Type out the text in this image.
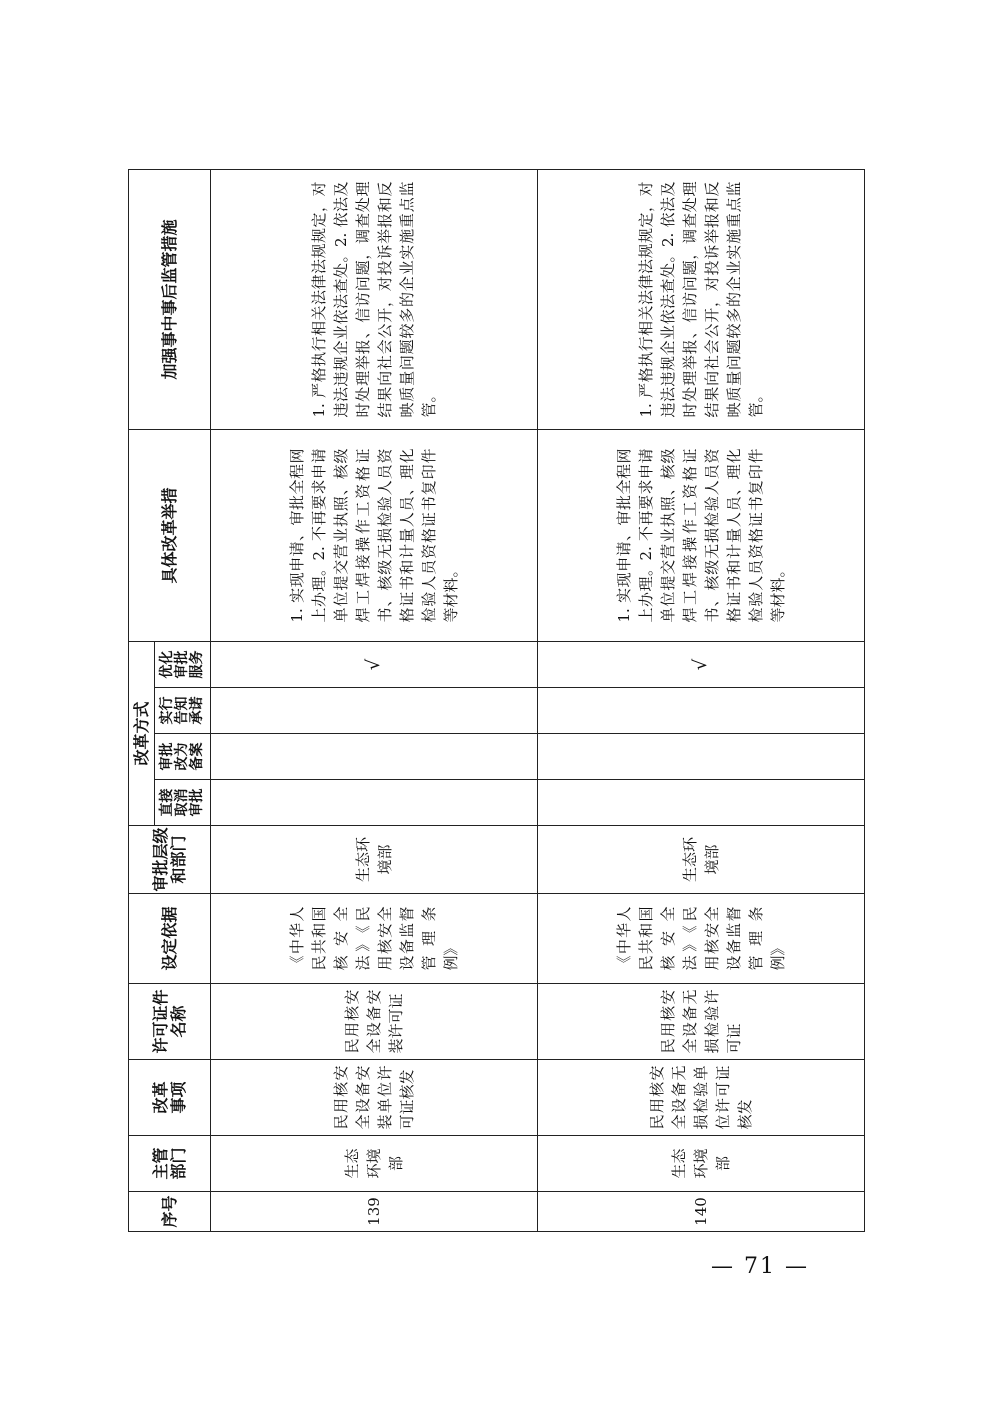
序号	主管 部门	改革 事项	许可证件 名称	设定依据	审批层级 和部门	改革方式				具体改革举措	加强事中事后监管措施

						直接 取消 审批	审批 改为 备案	实行 告知 承诺	优化 审批 服务		

139	生态环境部	民用核安全设备安装单位许可证核发	民用核安全设备安装许可证	《中华人民共和国核安全法》《民用核安全设备监督管理条例》	生态环境部				√	1. 实现申请、审批全程网上办理。2. 不再要求申请单位提交营业执照、核级焊工焊接操作工资格证书、核级无损检验人员资格证书和计量人员、理化检验人员资格证书复印件等材料。	1. 严格执行相关法律法规规定，对违法违规企业依法查处。2. 依法及时处理举报、信访问题，调查处理结果向社会公开，对投诉举报和反映质量问题较多的企业实施重点监管。

140	生态环境部	民用核安全设备无损检验单位许可证核发	民用核安全设备无损检验许可证	《中华人民共和国核安全法》《民用核安全设备监督管理条例》	生态环境部				√	1. 实现申请、审批全程网上办理。2. 不再要求申请单位提交营业执照、核级焊工焊接操作工资格证书、核级无损检验人员资格证书和计量人员、理化检验人员资格证书复印件等材料。	1. 严格执行相关法律法规规定，对违法违规企业依法查处。2. 依法及时处理举报、信访问题，调查处理结果向社会公开，对投诉举报和反映质量问题较多的企业实施重点监管。
— 71 —
